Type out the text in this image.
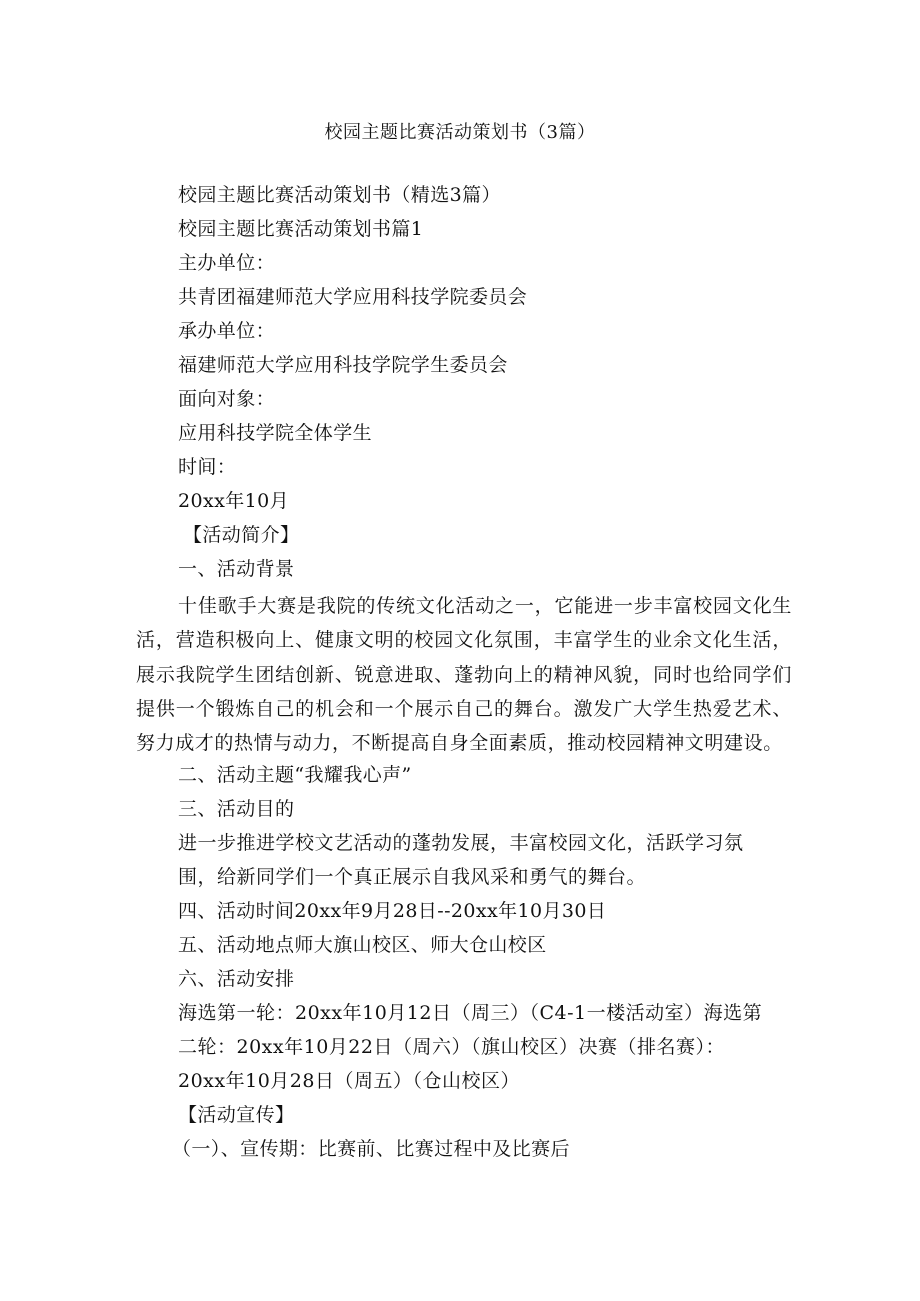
校园主题比赛活动策划书（3篇）
校园主题比赛活动策划书（精选3篇）
校园主题比赛活动策划书篇1
主办单位：
共青团福建师范大学应用科技学院委员会
承办单位：
福建师范大学应用科技学院学生委员会
面向对象：
应用科技学院全体学生
时间：
20xx年10月
【活动简介】
一、活动背景
十佳歌手大赛是我院的传统文化活动之一，它能进一步丰富校园文化生活，营造积极向上、健康文明的校园文化氛围，丰富学生的业余文化生活，展示我院学生团结创新、锐意进取、蓬勃向上的精神风貌，同时也给同学们提供一个锻炼自己的机会和一个展示自己的舞台。激发广大学生热爱艺术、努力成才的热情与动力，不断提高自身全面素质，推动校园精神文明建设。
二、活动主题“我耀我心声”
三、活动目的
进一步推进学校文艺活动的蓬勃发展，丰富校园文化，活跃学习氛
围，给新同学们一个真正展示自我风采和勇气的舞台。
四、活动时间20xx年9月28日--20xx年10月30日
五、活动地点师大旗山校区、师大仓山校区
六、活动安排
海选第一轮：20xx年10月12日（周三）（C4-1一楼活动室）海选第
二轮：20xx年10月22日（周六）（旗山校区）决赛（排名赛）：
20xx年10月28日（周五）（仓山校区）
【活动宣传】
（一）、宣传期：比赛前、比赛过程中及比赛后
